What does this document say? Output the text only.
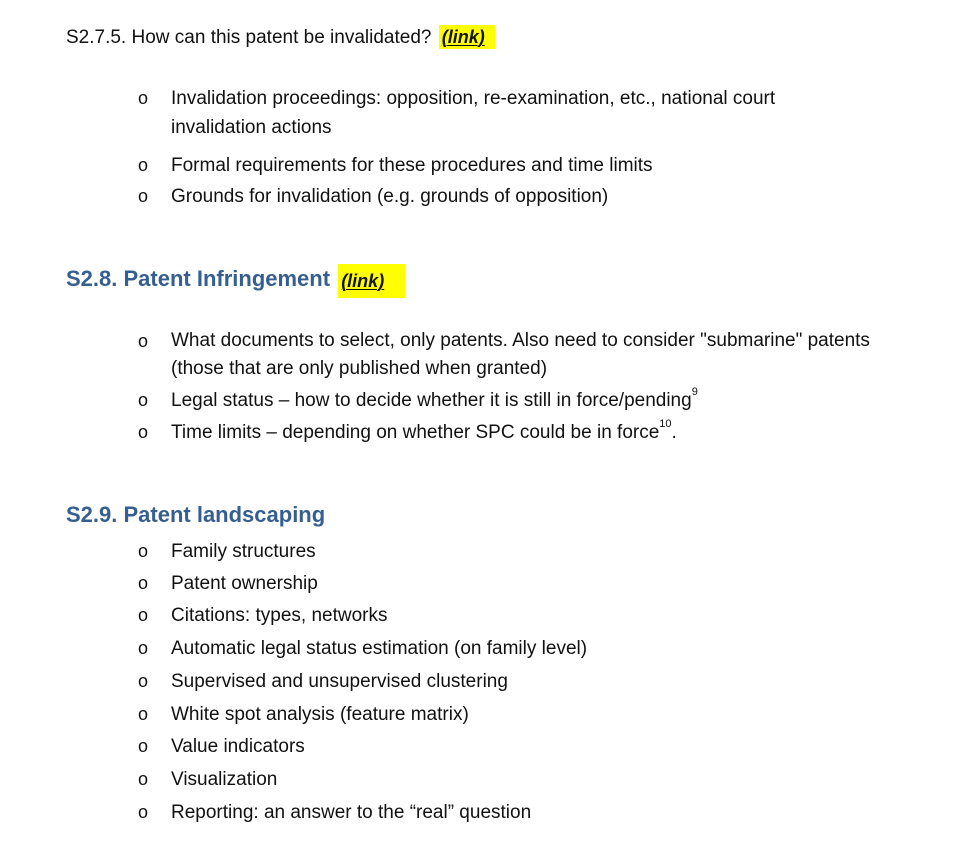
S2.7.5. How can this patent be invalidated? (link)
o Invalidation proceedings: opposition, re-examination, etc., national court invalidation actions
o Formal requirements for these procedures and time limits
o Grounds for invalidation (e.g. grounds of opposition)
S2.8. Patent Infringement (link)
o What documents to select, only patents. Also need to consider "submarine" patents (those that are only published when granted)
o Legal status – how to decide whether it is still in force/pending$^9$
o Time limits – depending on whether SPC could be in force$^{10}$.
S2.9. Patent landscaping
o Family structures
o Patent ownership
o Citations: types, networks
o Automatic legal status estimation (on family level)
o Supervised and unsupervised clustering
o White spot analysis (feature matrix)
o Value indicators
o Visualization
o Reporting: an answer to the “real” question
